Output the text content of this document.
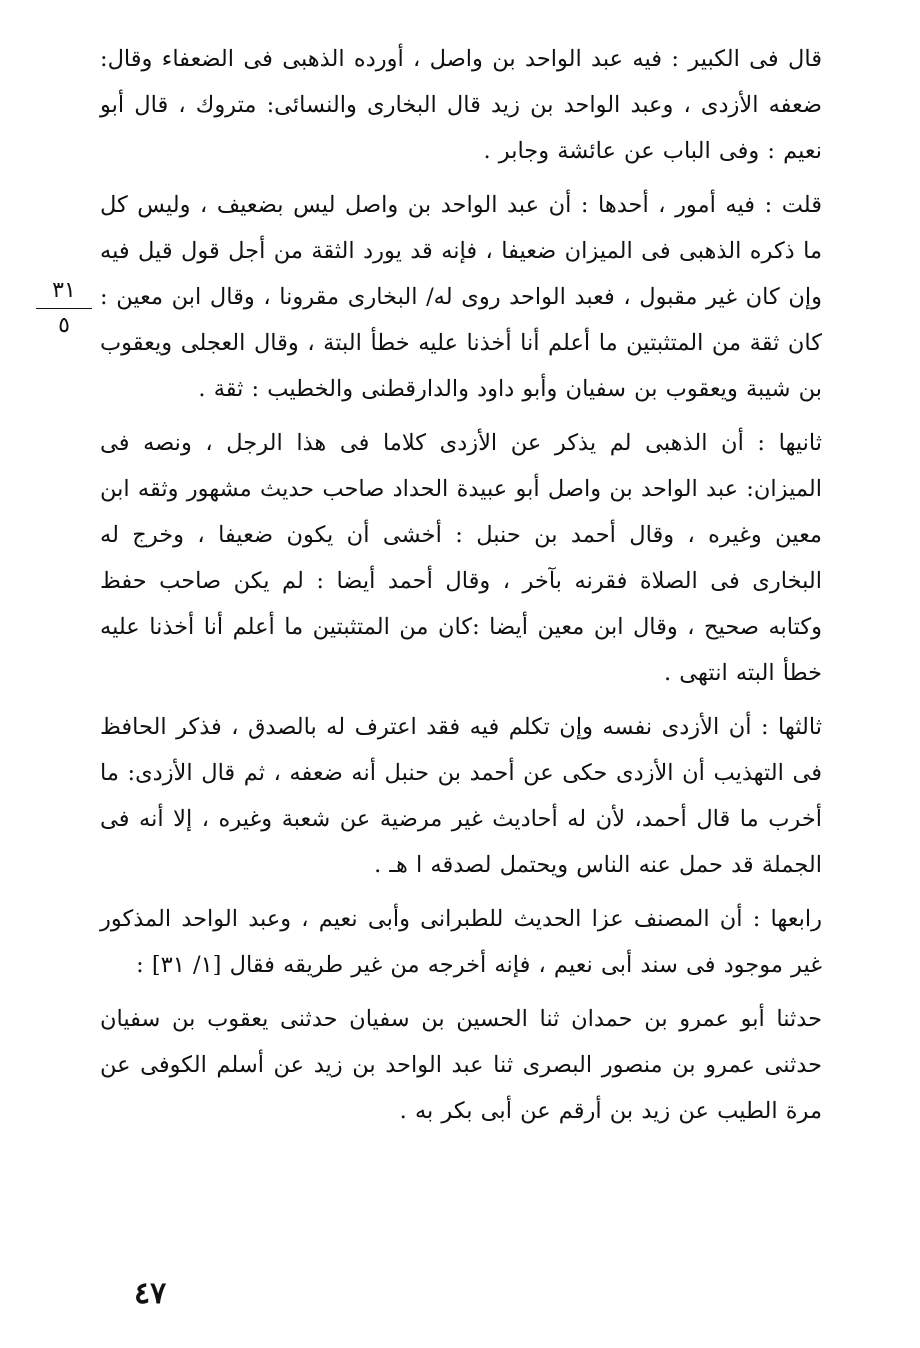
قال فى الكبير : فيه عبد الواحد بن واصل ، أورده الذهبى فى الضعفاء وقال: ضعفه الأزدى ، وعبد الواحد بن زيد قال البخارى والنسائى: متروك ، قال أبو نعيم : وفى الباب عن عائشة وجابر .

قلت : فيه أمور ، أحدها : أن عبد الواحد بن واصل ليس بضعيف ، وليس كل ما ذكره الذهبى فى الميزان ضعيفا ، فإنه قد يورد الثقة من أجل قول قيل فيه وإن كان غير مقبول ، فعبد الواحد روى له/ البخارى مقرونا ، وقال ابن معين : كان ثقة من المتثبتين ما أعلم أنا أخذنا عليه خطأ البتة ، وقال العجلى ويعقوب بن شيبة ويعقوب بن سفيان وأبو داود والدارقطنى والخطيب : ثقة .

ثانيها : أن الذهبى لم يذكر عن الأزدى كلاما فى هذا الرجل ، ونصه فى الميزان: عبد الواحد بن واصل أبو عبيدة الحداد صاحب حديث مشهور وثقه ابن معين وغيره ، وقال أحمد بن حنبل : أخشى أن يكون ضعيفا ، وخرج له البخارى فى الصلاة فقرنه بآخر ، وقال أحمد أيضا : لم يكن صاحب حفظ وكتابه صحيح ، وقال ابن معين أيضا :كان من المتثبتين ما أعلم أنا أخذنا عليه خطأ البته انتهى .

ثالثها : أن الأزدى نفسه وإن تكلم فيه فقد اعترف له بالصدق ، فذكر الحافظ فى التهذيب أن الأزدى حكى عن أحمد بن حنبل أنه ضعفه ، ثم قال الأزدى: ما أخرب ما قال أحمد، لأن له أحاديث غير مرضية عن شعبة وغيره ، إلا أنه فى الجملة قد حمل عنه الناس ويحتمل لصدقه ا هـ .

رابعها : أن المصنف عزا الحديث للطبرانى وأبى نعيم ، وعبد الواحد المذكور غير موجود فى سند أبى نعيم ، فإنه أخرجه من غير طريقه فقال [١/ ٣١] :

حدثنا أبو عمرو بن حمدان ثنا الحسين بن سفيان حدثنى يعقوب بن سفيان حدثنى عمرو بن منصور البصرى ثنا عبد الواحد بن زيد عن أسلم الكوفى عن مرة الطيب عن زيد بن أرقم عن أبى بكر به .

٣١
٥
٤٧
